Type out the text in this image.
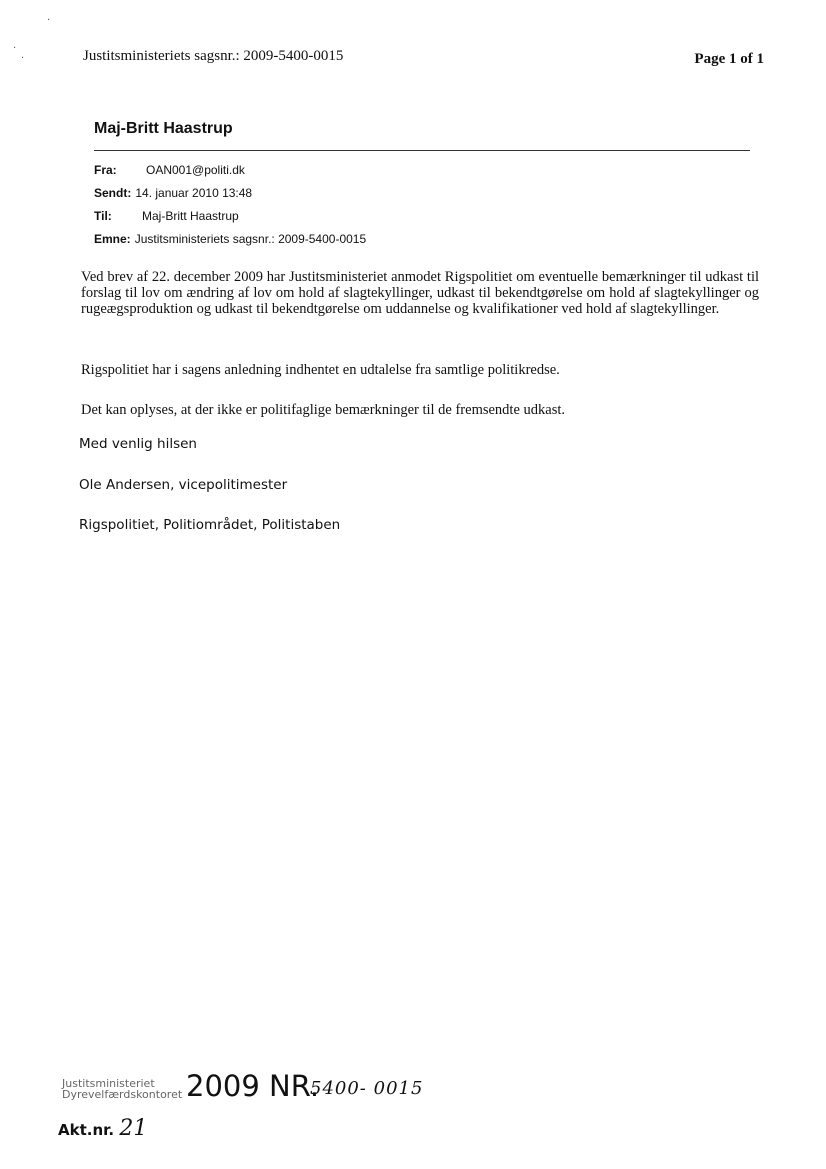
.
.
.	Justitsministeriets sagsnr.: 2009-5400-0015	Page 1 of 1
Maj-Britt Haastrup
Fra: OAN001@politi.dk
Sendt: 14. januar 2010 13:48
Til:	Maj-Britt Haastrup
Emne: Justitsministeriets sagsnr.: 2009-5400-0015
Ved brev af 22. december 2009 har Justitsministeriet anmodet Rigspolitiet om eventuelle bemærkninger til udkast til forslag til lov om ændring af lov om hold af slagtekyllinger, udkast til bekendtgørelse om hold af slagtekyllinger og rugeægsproduktion og udkast til bekendtgørelse om uddannelse og kvalifikationer ved hold af slagtekyllinger.
Rigspolitiet har i sagens anledning indhentet en udtalelse fra samtlige politikredse.
Det kan oplyses, at der ikke er politifaglige bemærkninger til de fremsendte udkast.
Med venlig hilsen
Ole Andersen, vicepolitimester
Rigspolitiet, Politiområdet, Politistaben
Justitsministeriet
Dyrevelfærdskontoret 2009 NR.
5400- 0015
Akt.nr. 21
